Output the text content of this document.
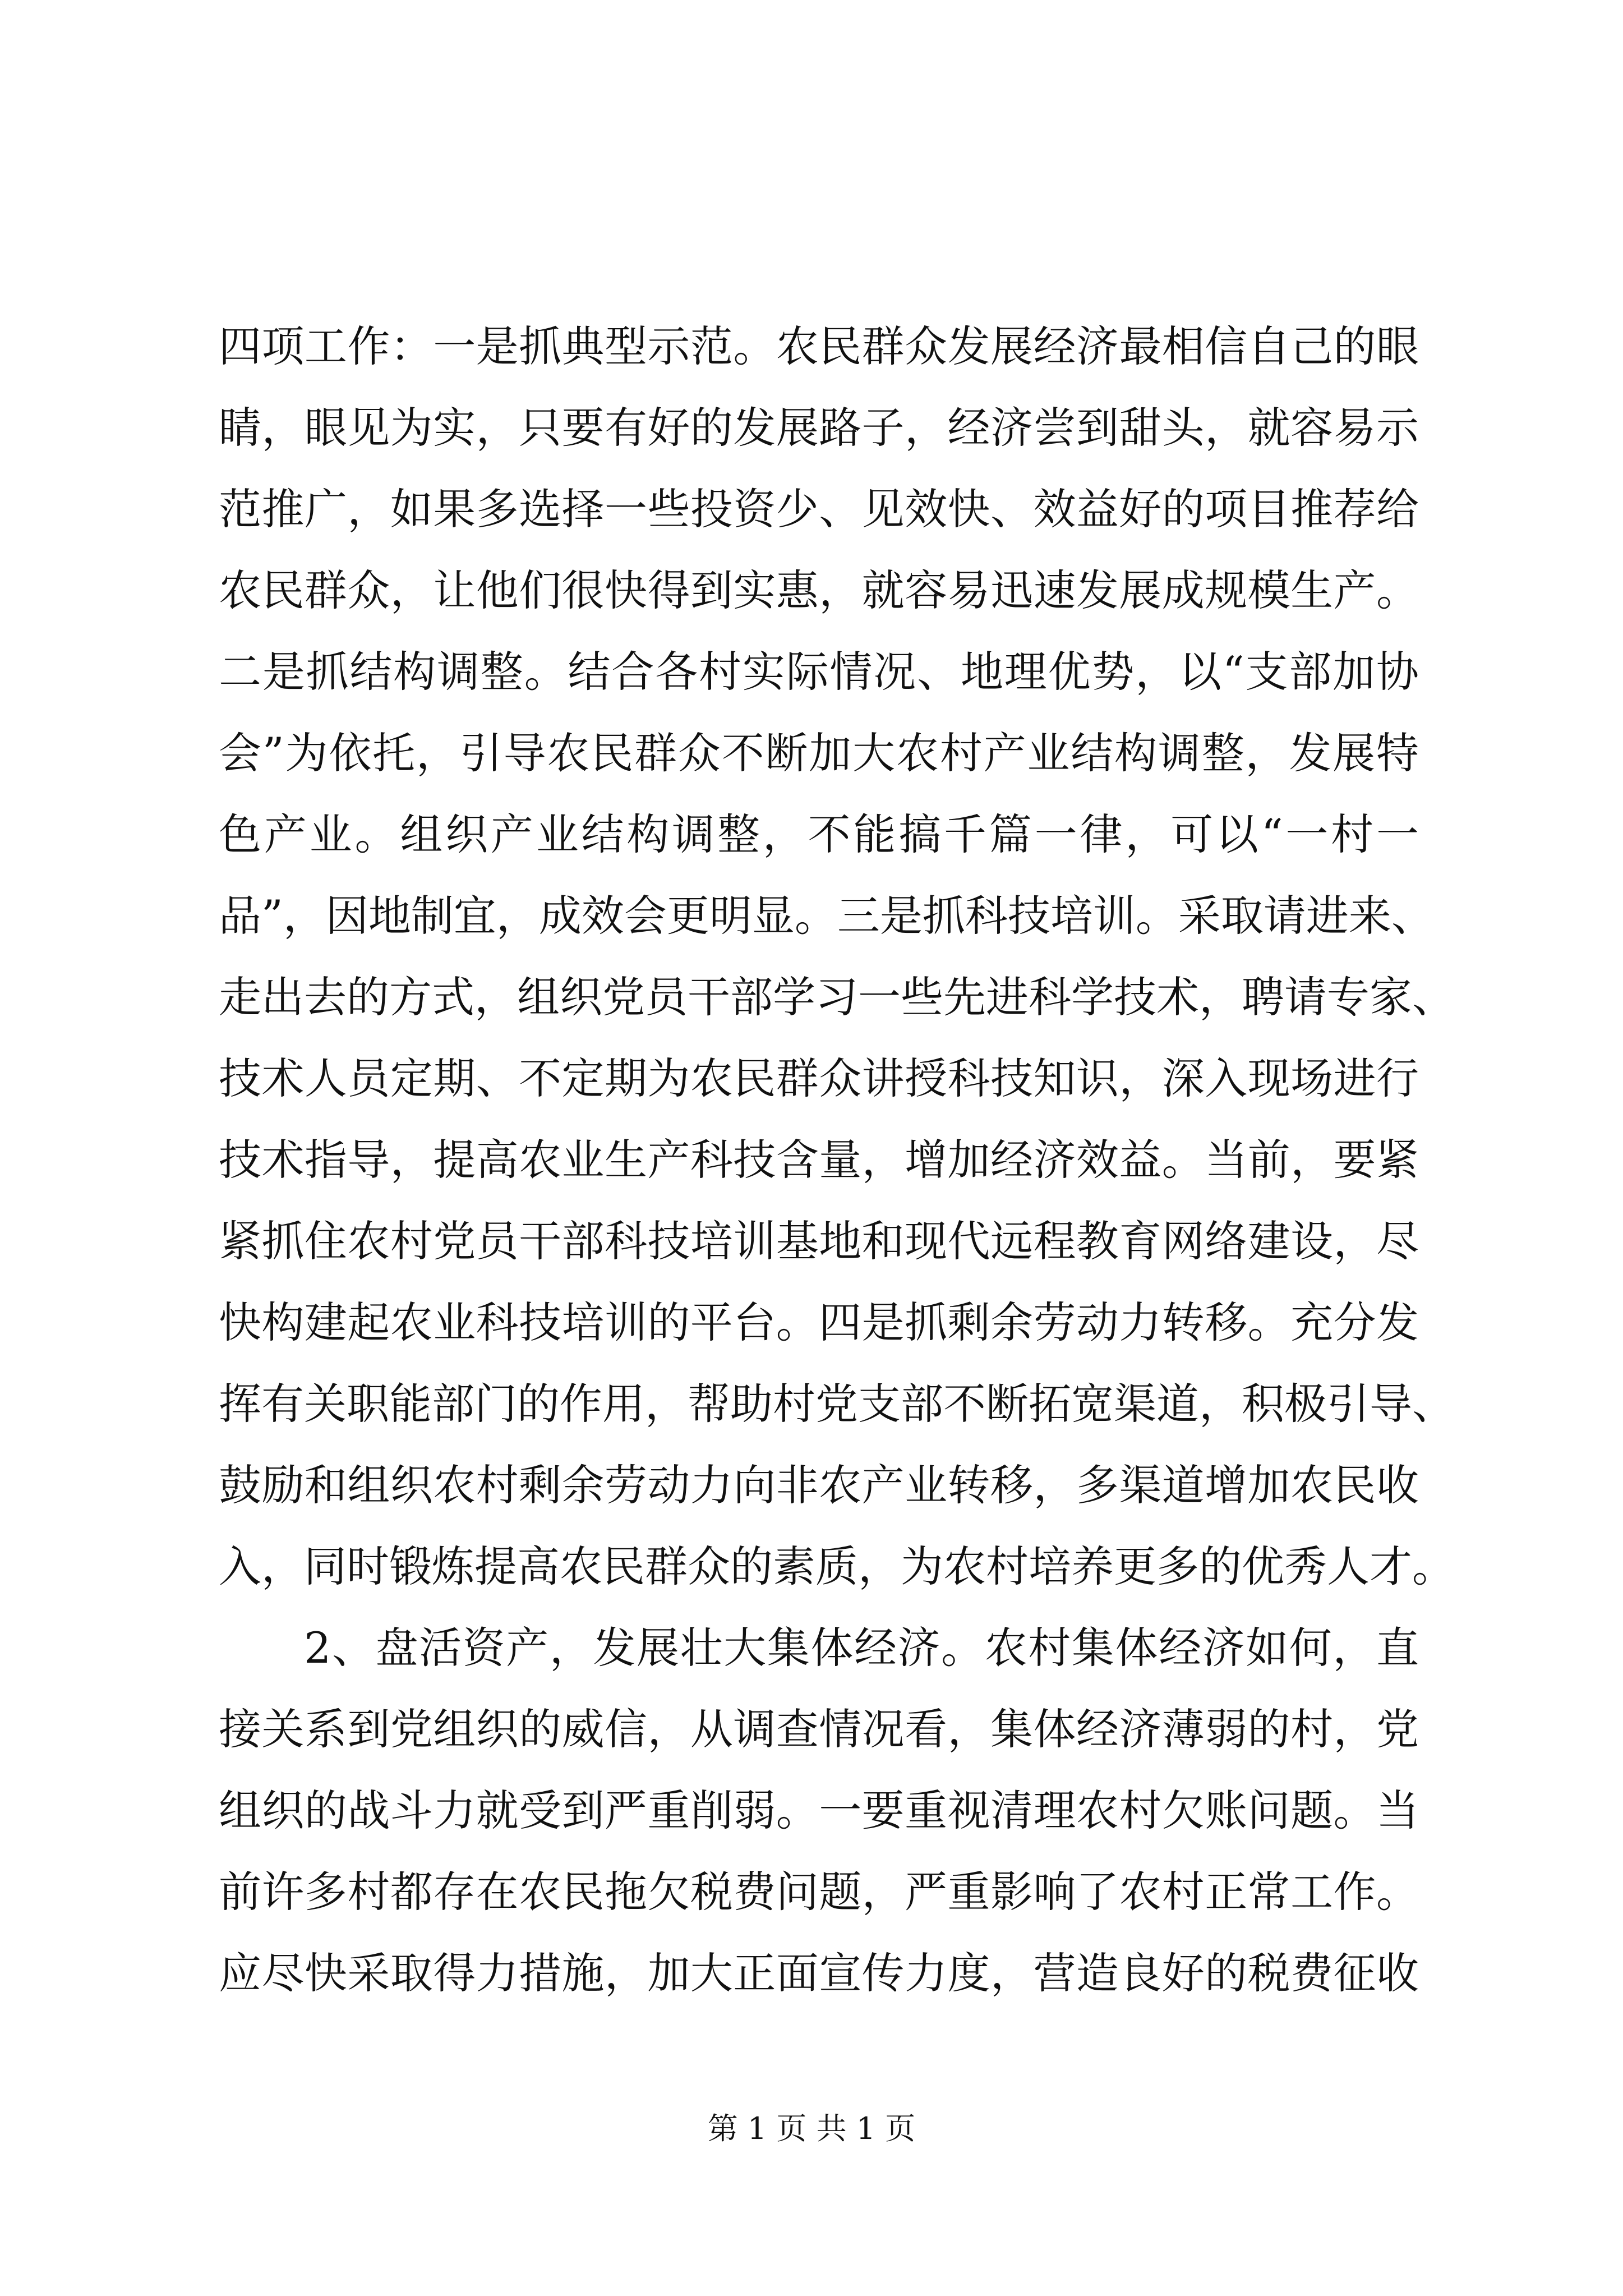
四项工作：一是抓典型示范。农民群众发展经济最相信自己的眼
睛，眼见为实，只要有好的发展路子，经济尝到甜头，就容易示
范推广，如果多选择一些投资少、见效快、效益好的项目推荐给
农民群众，让他们很快得到实惠，就容易迅速发展成规模生产。
二是抓结构调整。结合各村实际情况、地理优势，以“支部加协
会”为依托，引导农民群众不断加大农村产业结构调整，发展特
色产业。组织产业结构调整，不能搞千篇一律，可以“一村一
品”，因地制宜，成效会更明显。三是抓科技培训。采取请进来、
走出去的方式，组织党员干部学习一些先进科学技术，聘请专家、
技术人员定期、不定期为农民群众讲授科技知识，深入现场进行
技术指导，提高农业生产科技含量，增加经济效益。当前，要紧
紧抓住农村党员干部科技培训基地和现代远程教育网络建设，尽
快构建起农业科技培训的平台。四是抓剩余劳动力转移。充分发
挥有关职能部门的作用，帮助村党支部不断拓宽渠道，积极引导、
鼓励和组织农村剩余劳动力向非农产业转移，多渠道增加农民收
入，同时锻炼提高农民群众的素质，为农村培养更多的优秀人才。
2、盘活资产，发展壮大集体经济。农村集体经济如何，直
接关系到党组织的威信，从调查情况看，集体经济薄弱的村，党
组织的战斗力就受到严重削弱。一要重视清理农村欠账问题。当
前许多村都存在农民拖欠税费问题，严重影响了农村正常工作。
应尽快采取得力措施，加大正面宣传力度，营造良好的税费征收
第 1 页 共 1 页
